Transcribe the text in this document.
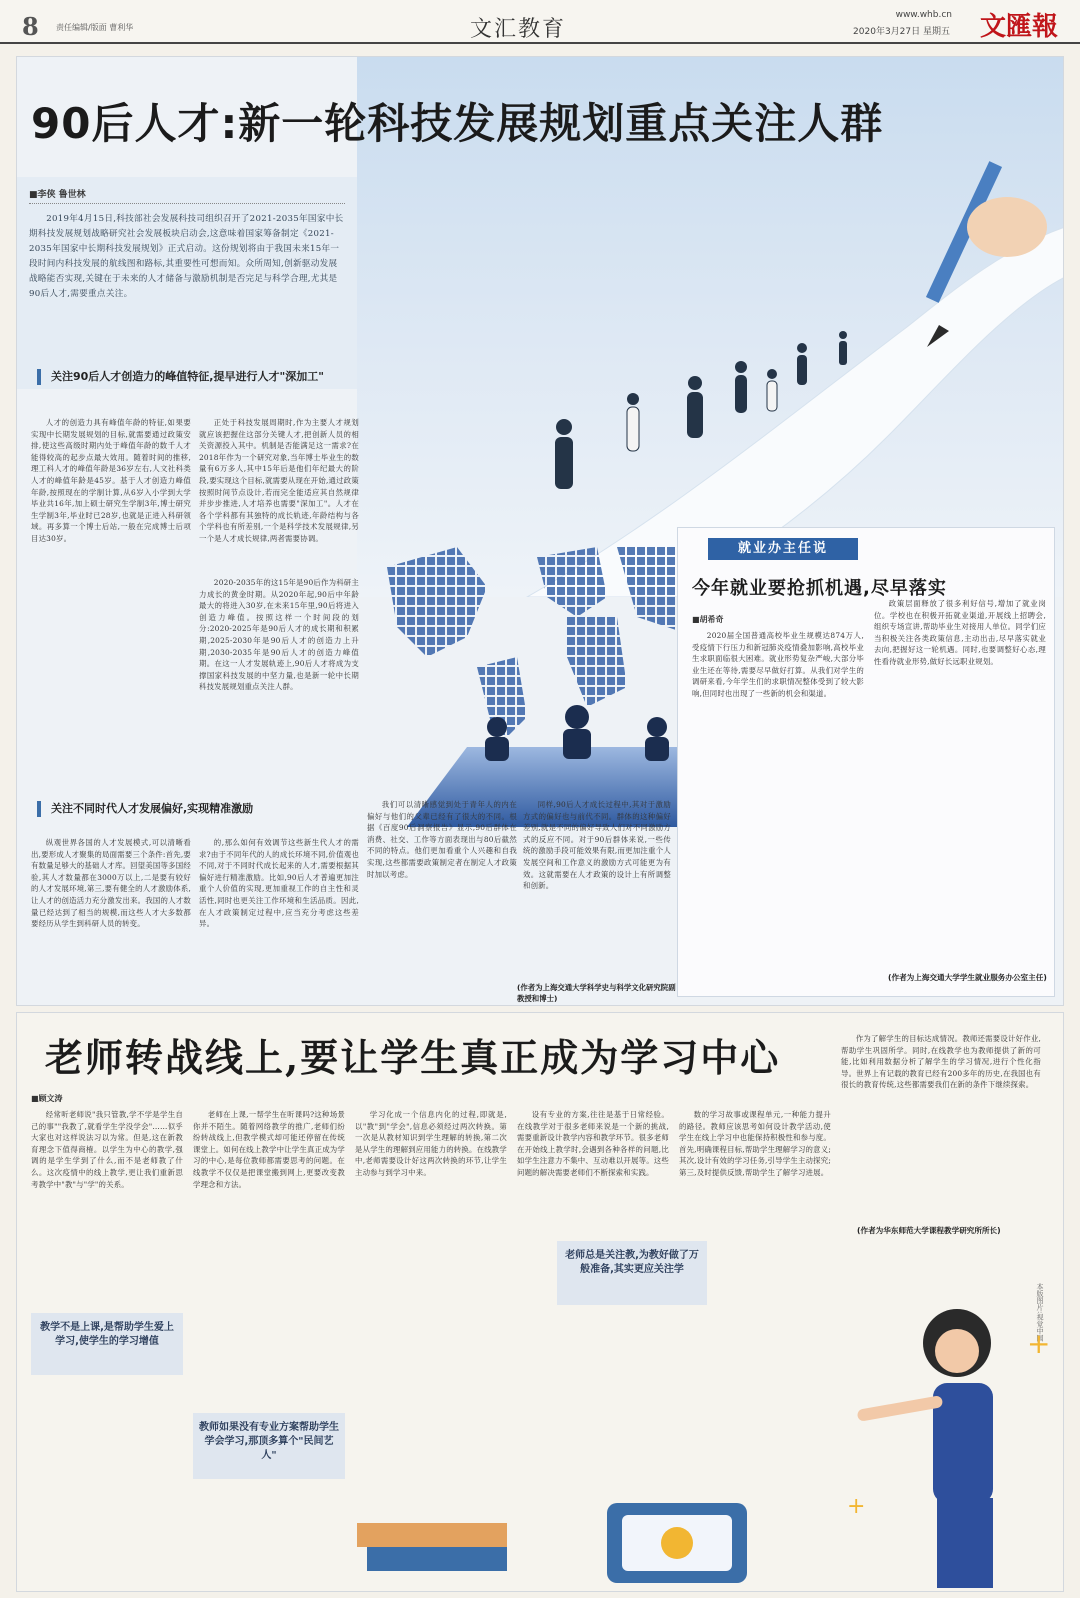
8 责任编辑/版面 曹利华	文汇教育
www.whb.cn
2020年3月27日 星期五 文匯報
90后人才:新一轮科技发展规划重点关注人群
■李侠 鲁世林
2019年4月15日,科技部社会发展科技司组织召开了2021-2035年国家中长期科技发展规划战略研究社会发展板块启动会,这意味着国家筹备制定《2021-2035年国家中长期科技发展规划》正式启动。这份规划将由于我国未来15年一段时间内科技发展的航线图和路标,其重要性可想而知。众所周知,创新驱动发展战略能否实现,关键在于未来的人才储备与激励机制是否完足与科学合理,尤其是90后人才,需要重点关注。
关注90后人才创造力的峰值特征,提早进行人才"深加工"

人才的创造力具有峰值年龄的特征,如果要实现中长期发展规划的目标,就需要通过政策安排,使这些高级时期内处于峰值年龄的数千人才能得较高的起步点最大效用。随着时间的推移,理工科人才的峰值年龄是36岁左右,人文社科类人才的峰值年龄是45岁。基于人才创造力峰值年龄,按照现在的学制计算,从6岁入小学到大学毕业共16年,加上硕士研究生学制3年,博士研究生学制3年,毕业时已28岁,也就是正进入科研领域。再多算一个博士后站,一般在完成博士后项目达30岁。

正处于科技发展周期时,作为主要人才规划就应该把握住这部分关键人才,把创新人员的相关资源投入其中。机制是否能满足这一需求?在2018年作为一个研究对象,当年博士毕业生的数量有6万多人,其中15年后是他们年纪最大的阶段,要实现这个目标,就需要从现在开始,通过政策按照时间节点设计,若而完全能适应其自然规律并步步推进,人才培养也需要"深加工"。人才在各个学科都有其独特的成长轨迹,年龄结构与各个学科也有所差别,一个是科学技术发展规律,另一个是人才成长规律,两者需要协调。

2020-2035年的这15年是90后作为科研主力成长的黄金时期。从2020年起,90后中年龄最大的将进入30岁,在未来15年里,90后将进入创造力峰值。按照这样一个时间段的划分:2020-2025年是90后人才的成长期和积累期,2025-2030年是90后人才的创造力上升期,2030-2035年是90后人才的创造力峰值期。在这一人才发展轨迹上,90后人才将成为支撑国家科技发展的中坚力量,也是新一轮中长期科技发展规划重点关注人群。

关注不同时代人才发展偏好,实现精准激励

纵观世界各国的人才发展模式,可以清晰看出,要形成人才聚集的局面需要三个条件:首先,要有数量足够大的基础人才库。回望美国等多国经验,其人才数量都在3000万以上,二是要有较好的人才发展环境,第三,要有健全的人才激励体系,让人才的创造活力充分激发出来。我国的人才数量已经达到了相当的规模,而这些人才大多数都要经历从学生到科研人员的转变。

的,那么如何有效调节这些新生代人才的需求?由于不同年代的人的成长环境不同,价值观也不同,对于不同时代成长起来的人才,需要根据其偏好进行精准激励。比如,90后人才普遍更加注重个人价值的实现,更加重视工作的自主性和灵活性,同时也更关注工作环境和生活品质。因此,在人才政策制定过程中,应当充分考虑这些差异。

我们可以清晰感觉到处于青年人的内在偏好与他们的父辈已经有了很大的不同。根据《百度90后洞察报告》显示,90后群体在消费、社交、工作等方面表现出与80后截然不同的特点。他们更加看重个人兴趣和自我实现,这些都需要政策制定者在制定人才政策时加以考虑。

同样,90后人才成长过程中,其对于激励方式的偏好也与前代不同。群体的这种偏好差别,就是不同的偏好导致人们对不同激励方式的反应不同。对于90后群体来说,一些传统的激励手段可能效果有限,而更加注重个人发展空间和工作意义的激励方式可能更为有效。这就需要在人才政策的设计上有所调整和创新。

(作者为上海交通大学科学史与科学文化研究院副教授和博士)
就业办主任说
今年就业要抢抓机遇,尽早落实
■胡希奇

2020届全国普通高校毕业生规模达874万人,受疫情下行压力和新冠肺炎疫情叠加影响,高校毕业生求职面临很大困难。就业形势复杂严峻,大部分毕业生还在等待,需要尽早做好打算。从我们对学生的调研来看,今年学生们的求职情况整体受到了较大影响,但同时也出现了一些新的机会和渠道。

政策层面释放了很多利好信号,增加了就业岗位。学校也在积极开拓就业渠道,开展线上招聘会,组织专场宣讲,帮助毕业生对接用人单位。同学们应当积极关注各类政策信息,主动出击,尽早落实就业去向,把握好这一轮机遇。同时,也要调整好心态,理性看待就业形势,做好长远职业规划。

(作者为上海交通大学学生就业服务办公室主任)
老师转战线上,要让学生真正成为学习中心
■顾文涛

经常听老师说"我只管教,学不学是学生自己的事""我教了,就看学生学没学会"……似乎大家也对这样说法习以为常。但是,这在新教育理念下值得商榷。以学生为中心的教学,强调的是学生学到了什么,而不是老师教了什么。这次疫情中的线上教学,更让我们重新思考教学中"教"与"学"的关系。

教学不是上课,是帮助学生爱上学习,使学生的学习增值

老师在上课,一帮学生在听课吗?这种场景你并不陌生。随着网络教学的推广,老师们纷纷转战线上,但教学模式却可能还停留在传统课堂上。如何在线上教学中让学生真正成为学习的中心,是每位教师都需要思考的问题。在线教学不仅仅是把课堂搬到网上,更要改变教学理念和方法。

教师如果没有专业方案帮助学生学会学习,那顶多算个"民间艺人"

学习化成一个信息内化的过程,即就是,以"教"到"学会",信息必须经过两次转换。第一次是从教材知识到学生理解的转换,第二次是从学生的理解到应用能力的转换。在线教学中,老师需要设计好这两次转换的环节,让学生主动参与到学习中来。

设有专业的方案,往往是基于日常经验。在线教学对于很多老师来说是一个新的挑战,需要重新设计教学内容和教学环节。很多老师在开始线上教学时,会遇到各种各样的问题,比如学生注意力不集中、互动难以开展等。这些问题的解决需要老师们不断探索和实践。

老师总是关注教,为教好做了万般准备,其实更应关注学

数的学习故事或课程单元,一种能力提升的路径。教师应该思考如何设计教学活动,使学生在线上学习中也能保持积极性和参与度。首先,明确课程目标,帮助学生理解学习的意义;其次,设计有效的学习任务,引导学生主动探究;第三,及时提供反馈,帮助学生了解学习进展。

作为了解学生的目标达成情况。教师还需要设计好作业,帮助学生巩固所学。同时,在线教学也为教师提供了新的可能,比如利用数据分析了解学生的学习情况,进行个性化指导。世界上有记载的教育已经有200多年的历史,在我国也有很长的教育传统,这些都需要我们在新的条件下继续探索。

(作者为华东师范大学课程教学研究所所长)
本版图片:视觉中国
+
+
